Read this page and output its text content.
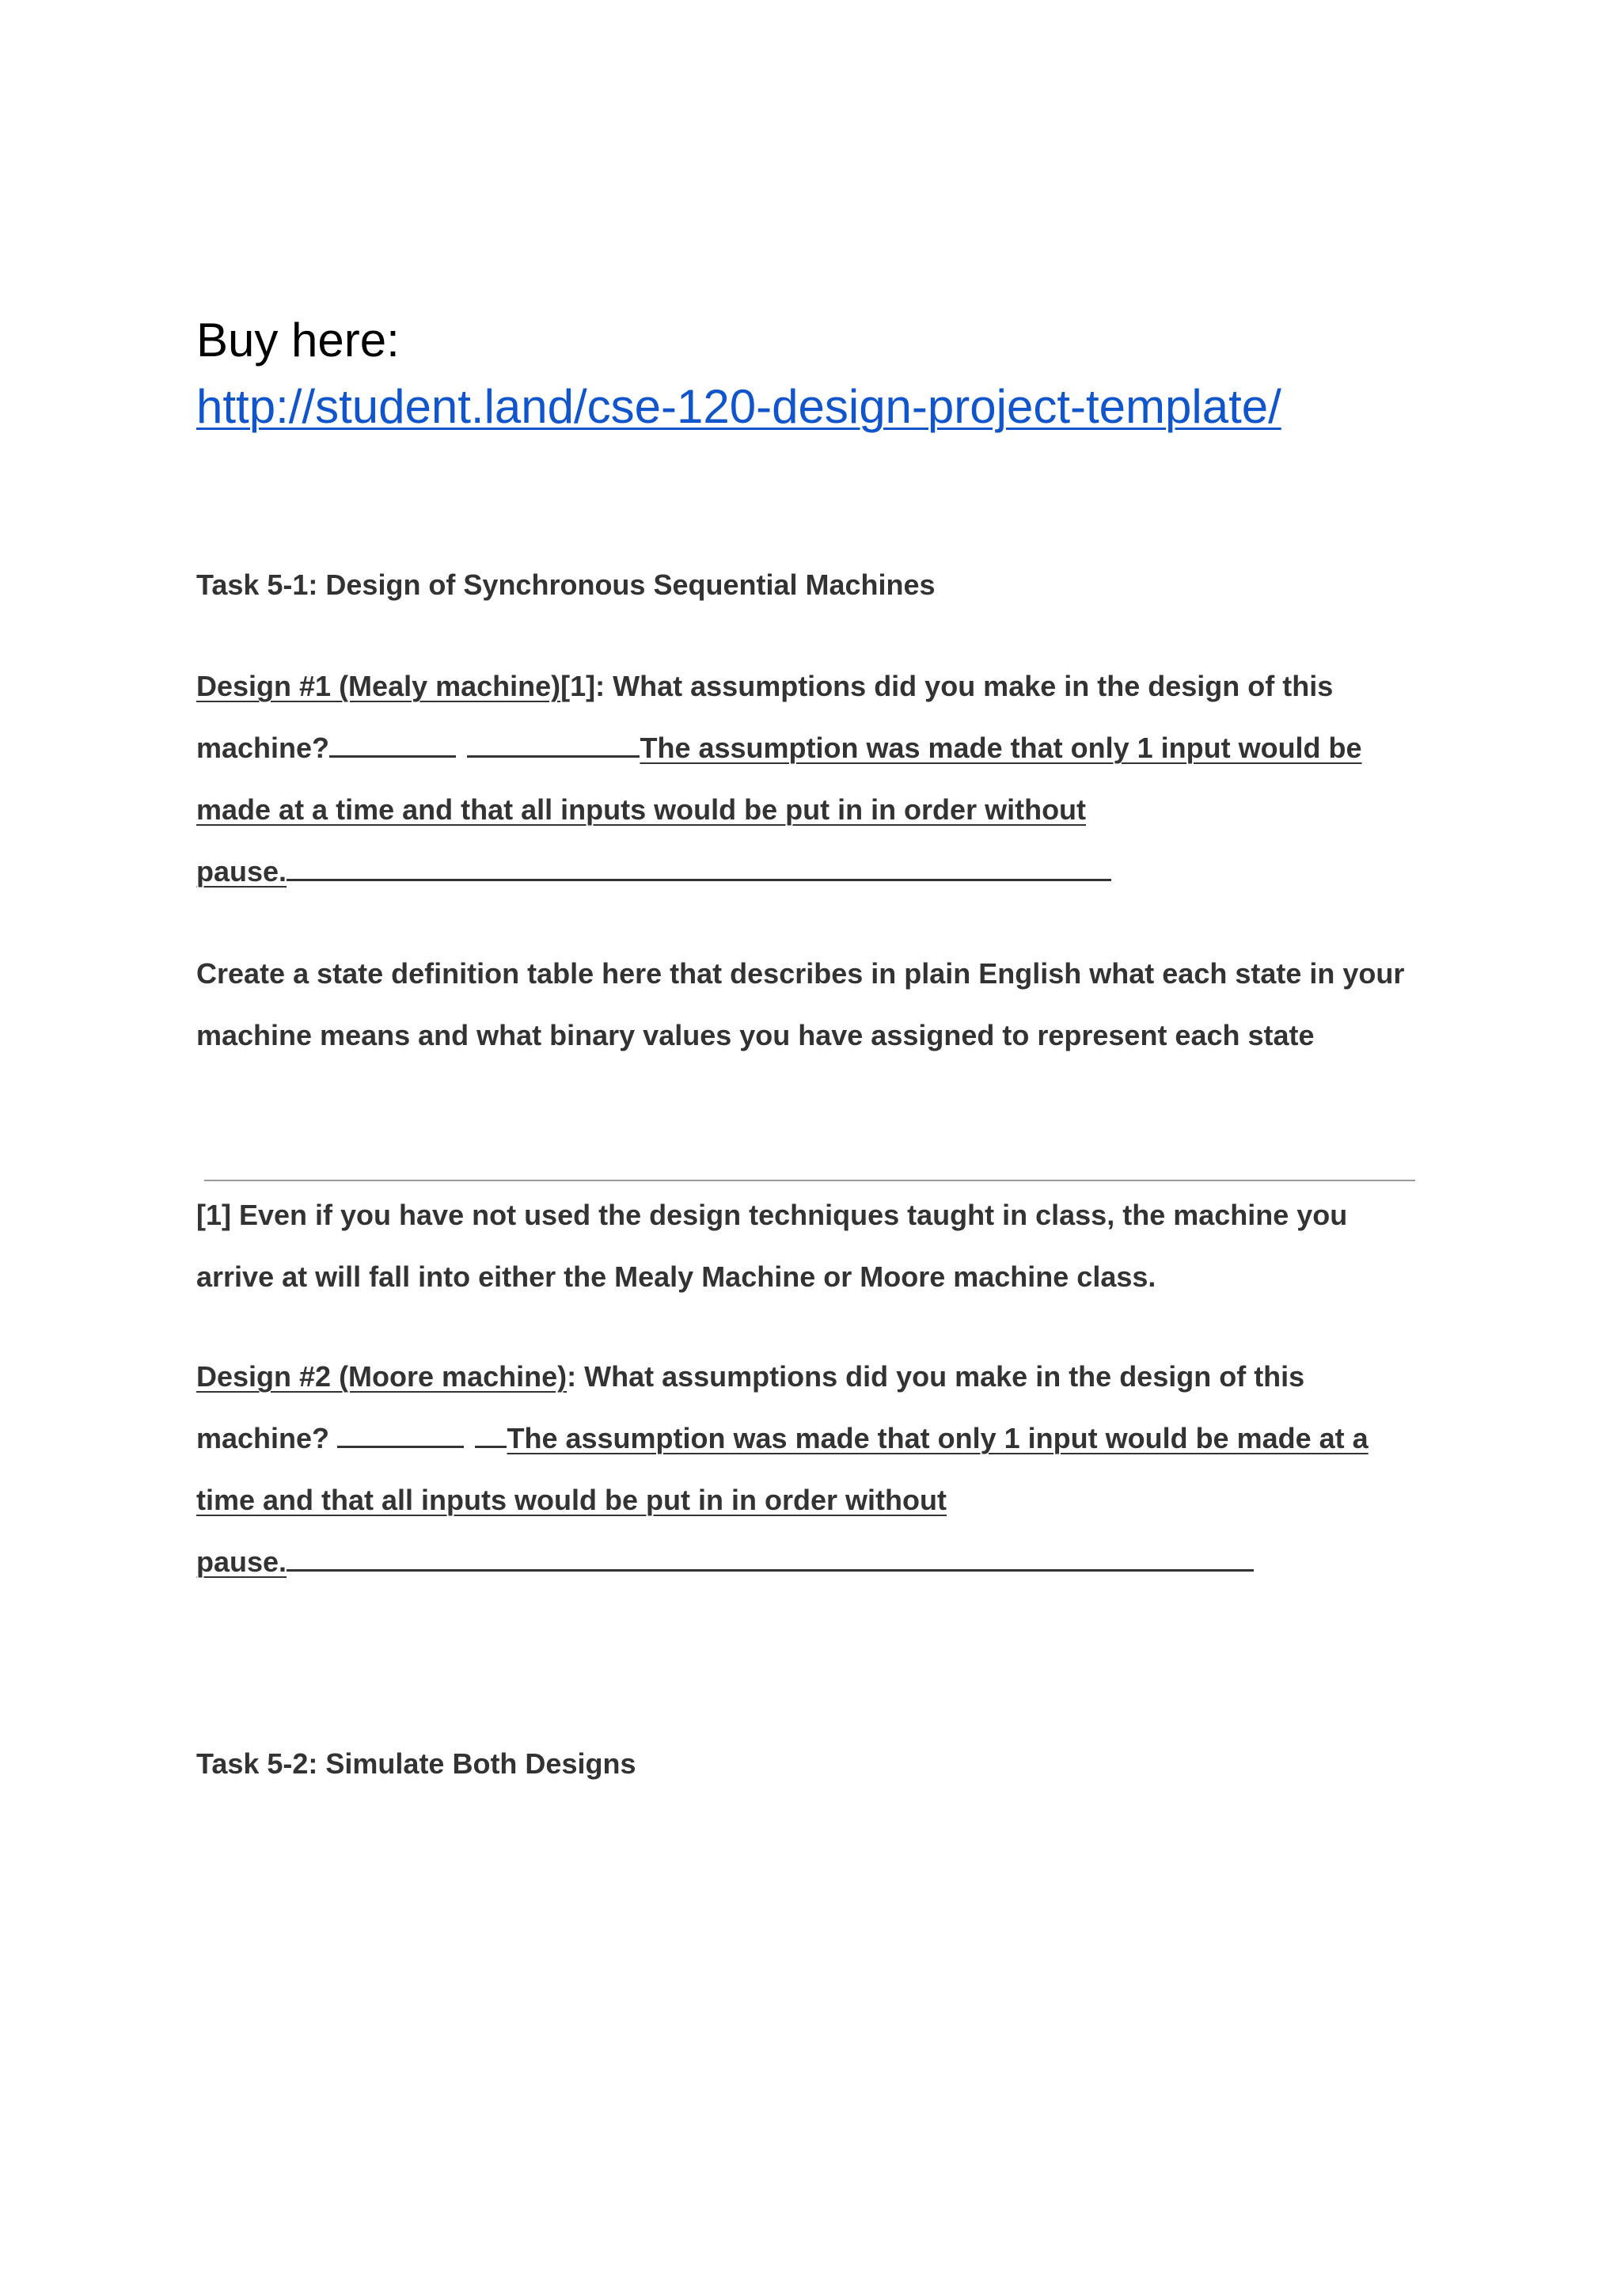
Buy here:
http://student.land/cse-120-design-project-template/
Task 5-1: Design of Synchronous Sequential Machines
Design #1 (Mealy machine)[1]: What assumptions did you make in the design of this
machine?  	The assumption was made that only 1 input would be
made at a time and that all inputs would be put in in order without
pause.
Create a state definition table here that describes in plain English what each state in your
machine means and what binary values you have assigned to represent each state
[1] Even if you have not used the design techniques taught in class, the machine you
arrive at will fall into either the Mealy Machine or Moore machine class.
Design #2 (Moore machine): What assumptions did you make in the design of this
machine?   	The assumption was made that only 1 input would be made at a
time and that all inputs would be put in in order without
pause.
Task 5-2: Simulate Both Designs
